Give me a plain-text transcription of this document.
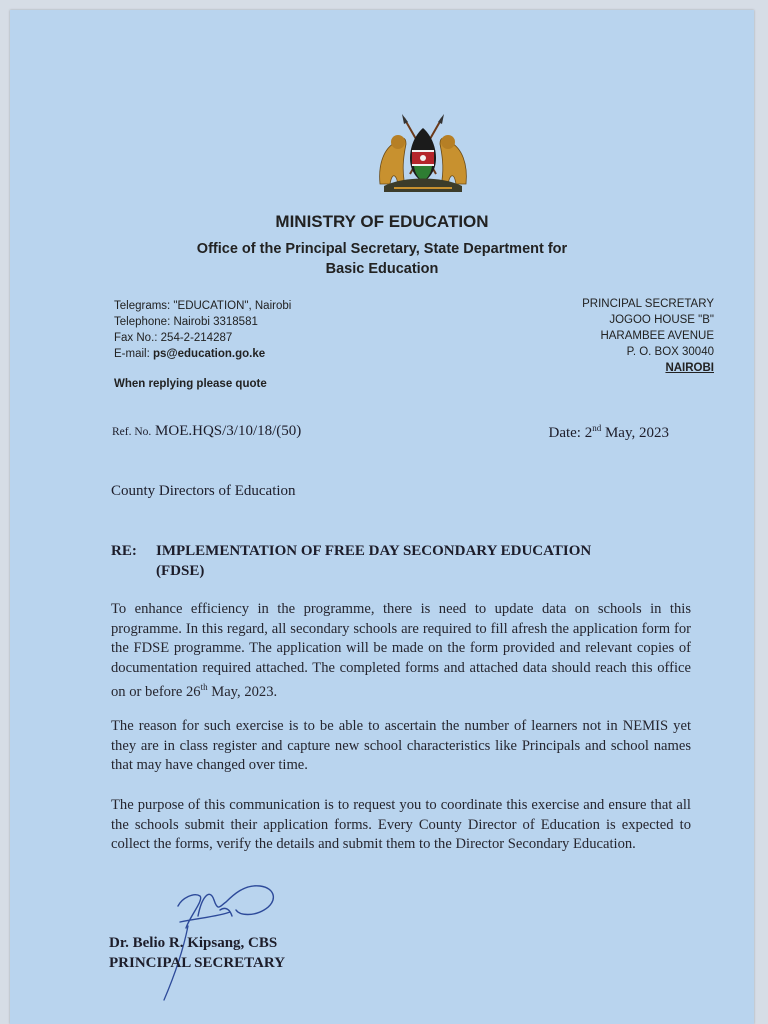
MINISTRY OF EDUCATION
Office of the Principal Secretary, State Department for
Basic Education
Telegrams: "EDUCATION", Nairobi
Telephone: Nairobi 3318581
Fax No.: 254-2-214287
E-mail: ps@education.go.ke
When replying please quote
PRINCIPAL SECRETARY
JOGOO HOUSE "B"
HARAMBEE AVENUE
P. O. BOX 30040
NAIROBI
Ref. No. MOE.HQS/3/10/18/(50)	Date: 2nd May, 2023
County Directors of Education
RE: IMPLEMENTATION OF FREE DAY SECONDARY EDUCATION
(FDSE)
To enhance efficiency in the programme, there is need to update data on schools in this programme. In this regard, all secondary schools are required to fill afresh the application form for the FDSE programme. The application will be made on the form provided and relevant copies of documentation required attached. The completed forms and attached data should reach this office on or before 26th May, 2023.
The reason for such exercise is to be able to ascertain the number of learners not in NEMIS yet they are in class register and capture new school characteristics like Principals and school names that may have changed over time.
The purpose of this communication is to request you to coordinate this exercise and ensure that all the schools submit their application forms. Every County Director of Education is expected to collect the forms, verify the details and submit them to the Director Secondary Education.
Dr. Belio R. Kipsang, CBS
PRINCIPAL SECRETARY
